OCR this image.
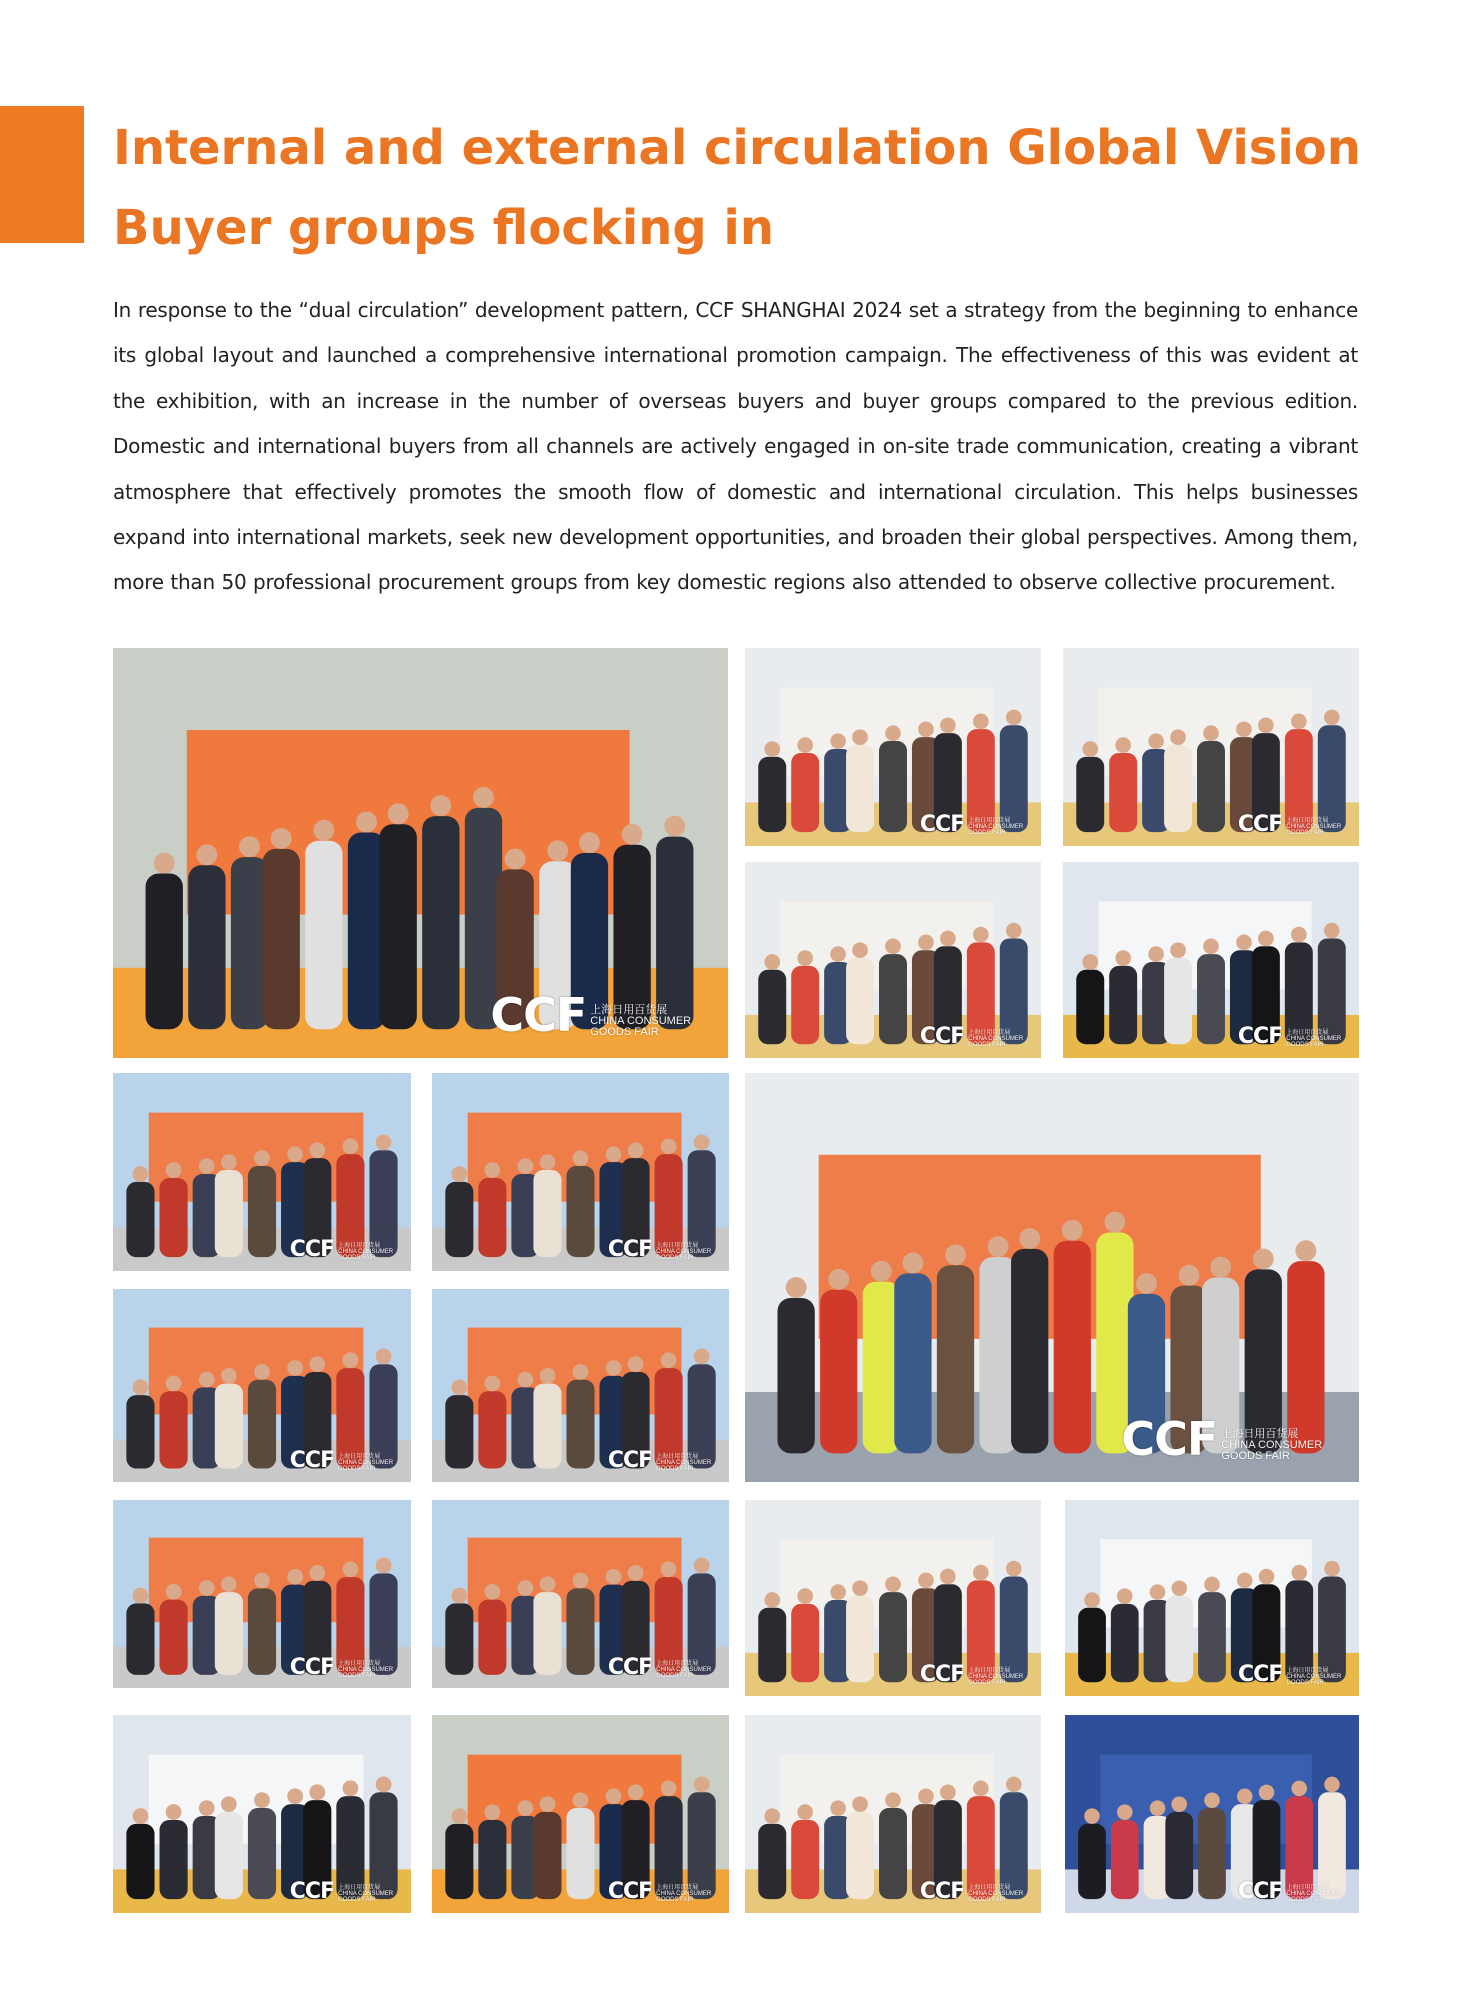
Internal and external circulation Global Vision
Buyer groups flocking in

In response to the “dual circulation” development pattern, CCF SHANGHAI 2024 set a strategy from the beginning to enhance its global layout and launched a comprehensive international promotion campaign. The effectiveness of this was evident at the exhibition, with an increase in the number of overseas buyers and buyer groups compared to the previous edition. Domestic and international buyers from all channels are actively engaged in on-site trade communication, creating a vibrant atmosphere that effectively promotes the smooth flow of domestic and international circulation. This helps businesses expand into international markets, seek new development opportunities, and broaden their global perspectives. Among them, more than 50 professional procurement groups from key domestic regions also attended to observe collective procurement.

CCF 上海日用百货展
CHINA CONSUMER
GOODS FAIR
CCF 上海日用百货展
CHINA CONSUMER
GOODS FAIR	CCF 上海日用百货展
CHINA CONSUMER
GOODS FAIR
CCF 上海日用百货展
CHINA CONSUMER
GOODS FAIR	CCF 上海日用百货展
CHINA CONSUMER
GOODS FAIR
CCF 上海日用百货展
CHINA CONSUMER
GOODS FAIR	CCF 上海日用百货展
CHINA CONSUMER
GOODS FAIR
CCF 上海日用百货展
CHINA CONSUMER
GOODS FAIR
CCF 上海日用百货展
CHINA CONSUMER
GOODS FAIR	CCF 上海日用百货展
CHINA CONSUMER
GOODS FAIR
CCF 上海日用百货展
CHINA CONSUMER
GOODS FAIR	CCF 上海日用百货展
CHINA CONSUMER
GOODS FAIR	CCF 上海日用百货展
CHINA CONSUMER
GOODS FAIR	CCF 上海日用百货展
CHINA CONSUMER
GOODS FAIR
CCF 上海日用百货展
CHINA CONSUMER
GOODS FAIR	CCF 上海日用百货展
CHINA CONSUMER
GOODS FAIR	CCF 上海日用百货展
CHINA CONSUMER
GOODS FAIR	CCF 上海日用百货展
CHINA CONSUMER
GOODS FAIR
